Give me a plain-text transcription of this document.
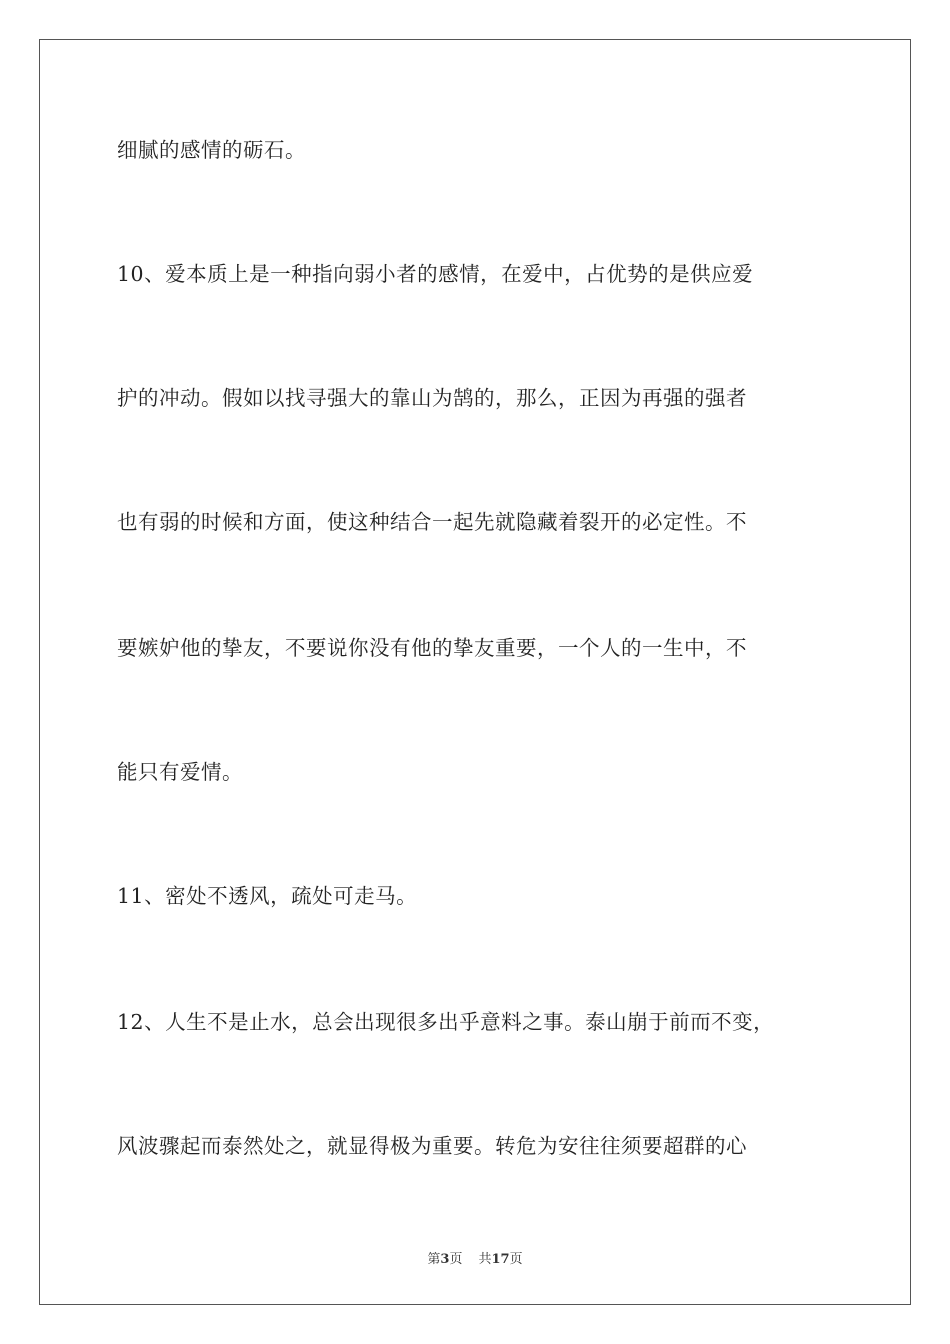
细腻的感情的砺石。
10、爱本质上是一种指向弱小者的感情，在爱中，占优势的是供应爱
护的冲动。假如以找寻强大的靠山为鹄的，那么，正因为再强的强者
也有弱的时候和方面，使这种结合一起先就隐藏着裂开的必定性。不
要嫉妒他的挚友，不要说你没有他的挚友重要，一个人的一生中，不
能只有爱情。
11、密处不透风，疏处可走马。
12、人生不是止水，总会出现很多出乎意料之事。泰山崩于前而不变，
风波骤起而泰然处之，就显得极为重要。转危为安往往须要超群的心
第3页 共17页
